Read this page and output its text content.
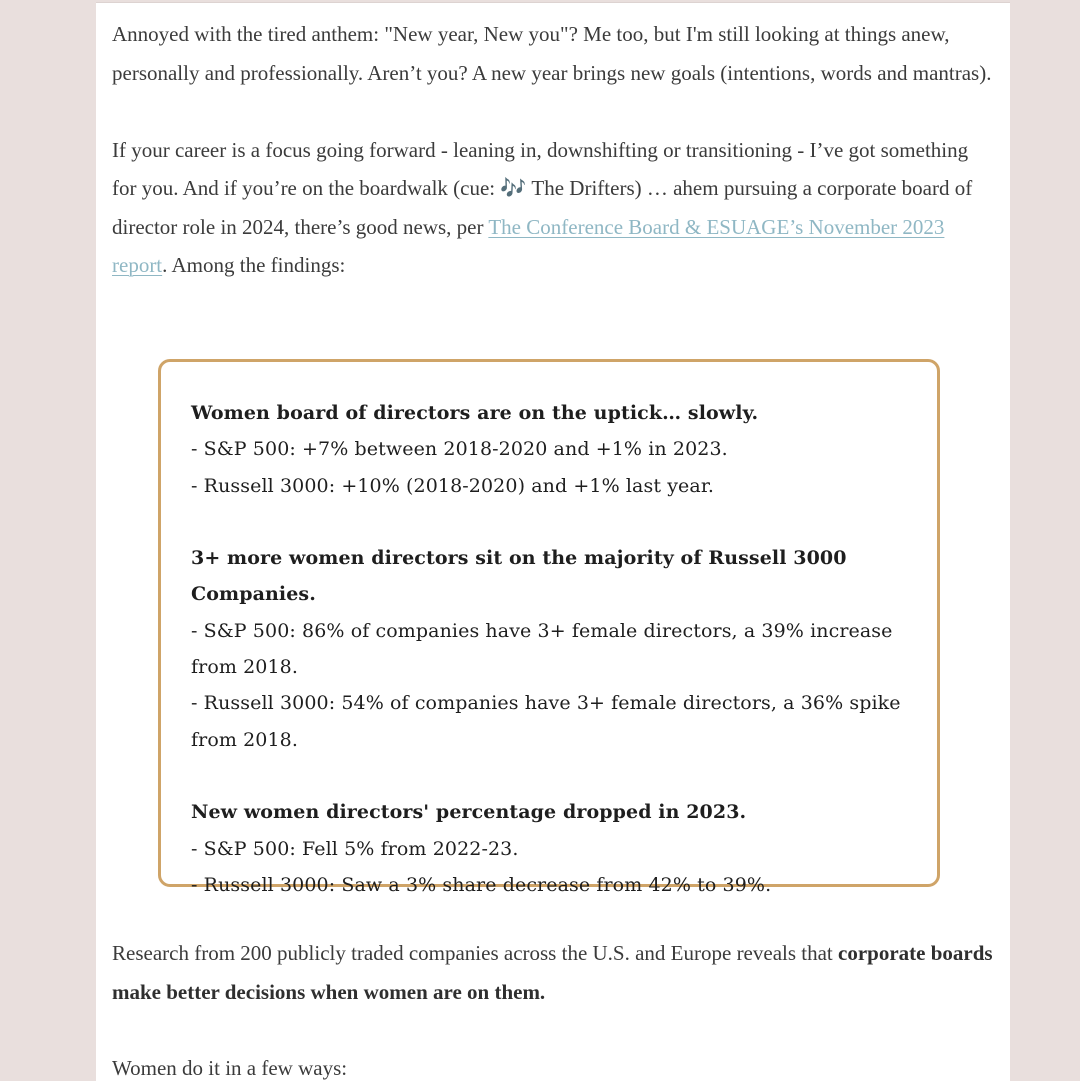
Annoyed with the tired anthem: "New year, New you"? Me too, but I'm still looking at things anew, personally and professionally. Aren’t you? A new year brings new goals (intentions, words and mantras).

If your career is a focus going forward - leaning in, downshifting or transitioning - I’ve got something for you. And if you’re on the boardwalk (cue: 🎶 The Drifters) … ahem pursuing a corporate board of director role in 2024, there’s good news, per The Conference Board & ESUAGE’s November 2023 report. Among the findings:

Women board of directors are on the uptick… slowly.
- S&P 500: +7% between 2018-2020 and +1% in 2023.
- Russell 3000: +10% (2018-2020) and +1% last year.
3+ more women directors sit on the majority of Russell 3000 Companies.
- S&P 500: 86% of companies have 3+ female directors, a 39% increase from 2018.
- Russell 3000: 54% of companies have 3+ female directors, a 36% spike from 2018.
New women directors' percentage dropped in 2023.
- S&P 500: Fell 5% from 2022-23.
- Russell 3000: Saw a 3% share decrease from 42% to 39%.
Research from 200 publicly traded companies across the U.S. and Europe reveals that corporate boards make better decisions when women are on them.
Women do it in a few ways:
